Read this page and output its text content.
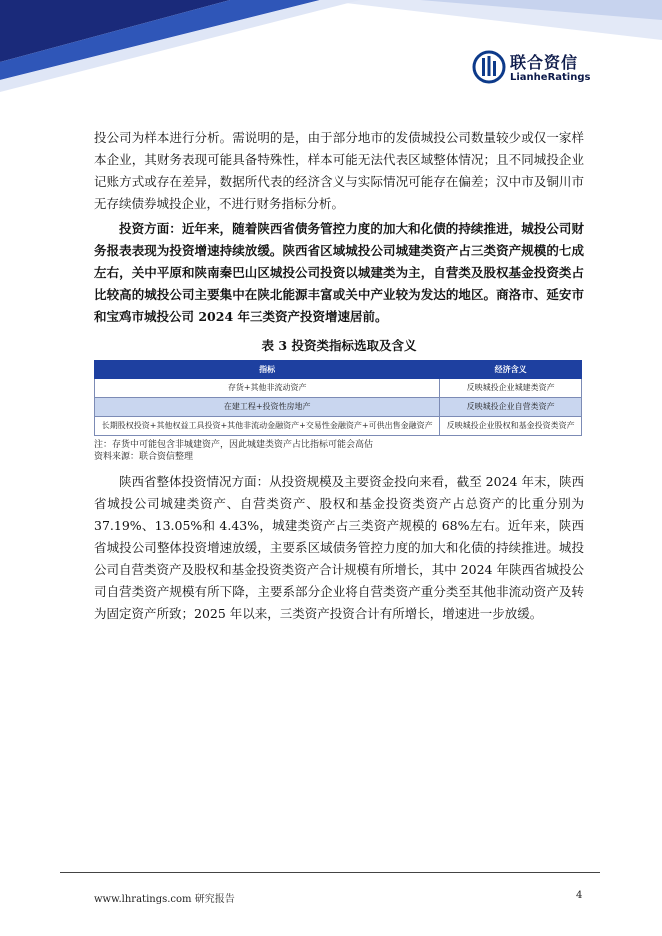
联合资信
LianheRatings

投公司为样本进行分析。需说明的是，由于部分地市的发债城投公司数量较少或仅一家样本企业，其财务表现可能具备特殊性，样本可能无法代表区域整体情况；且不同城投企业记账方式或存在差异，数据所代表的经济含义与实际情况可能存在偏差；汉中市及铜川市无存续债券城投企业，不进行财务指标分析。

投资方面：近年来，随着陕西省债务管控力度的加大和化债的持续推进，城投公司财务报表表现为投资增速持续放缓。陕西省区域城投公司城建类资产占三类资产规模的七成左右，关中平原和陕南秦巴山区城投公司投资以城建类为主，自营类及股权基金投资类占比较高的城投公司主要集中在陕北能源丰富或关中产业较为发达的地区。商洛市、延安市和宝鸡市城投公司 2024 年三类资产投资增速居前。

表 3 投资类指标选取及含义
指标	经济含义
存货+其他非流动资产	反映城投企业城建类资产
在建工程+投资性房地产	反映城投企业自营类资产
长期股权投资+其他权益工具投资+其他非流动金融资产+交易性金融资产+可供出售金融资产	反映城投企业股权和基金投资类资产
注：存货中可能包含非城建资产，因此城建类资产占比指标可能会高估
资料来源：联合资信整理

陕西省整体投资情况方面：从投资规模及主要资金投向来看，截至 2024 年末，陕西省城投公司城建类资产、自营类资产、股权和基金投资类资产占总资产的比重分别为 37.19%、13.05%和 4.43%，城建类资产占三类资产规模的 68%左右。近年来，陕西省城投公司整体投资增速放缓，主要系区域债务管控力度的加大和化债的持续推进。城投公司自营类资产及股权和基金投资类资产合计规模有所增长，其中 2024 年陕西省城投公司自营类资产规模有所下降，主要系部分企业将自营类资产重分类至其他非流动资产及转为固定资产所致；2025 年以来，三类资产投资合计有所增长，增速进一步放缓。

www.lhratings.com 研究报告	4
